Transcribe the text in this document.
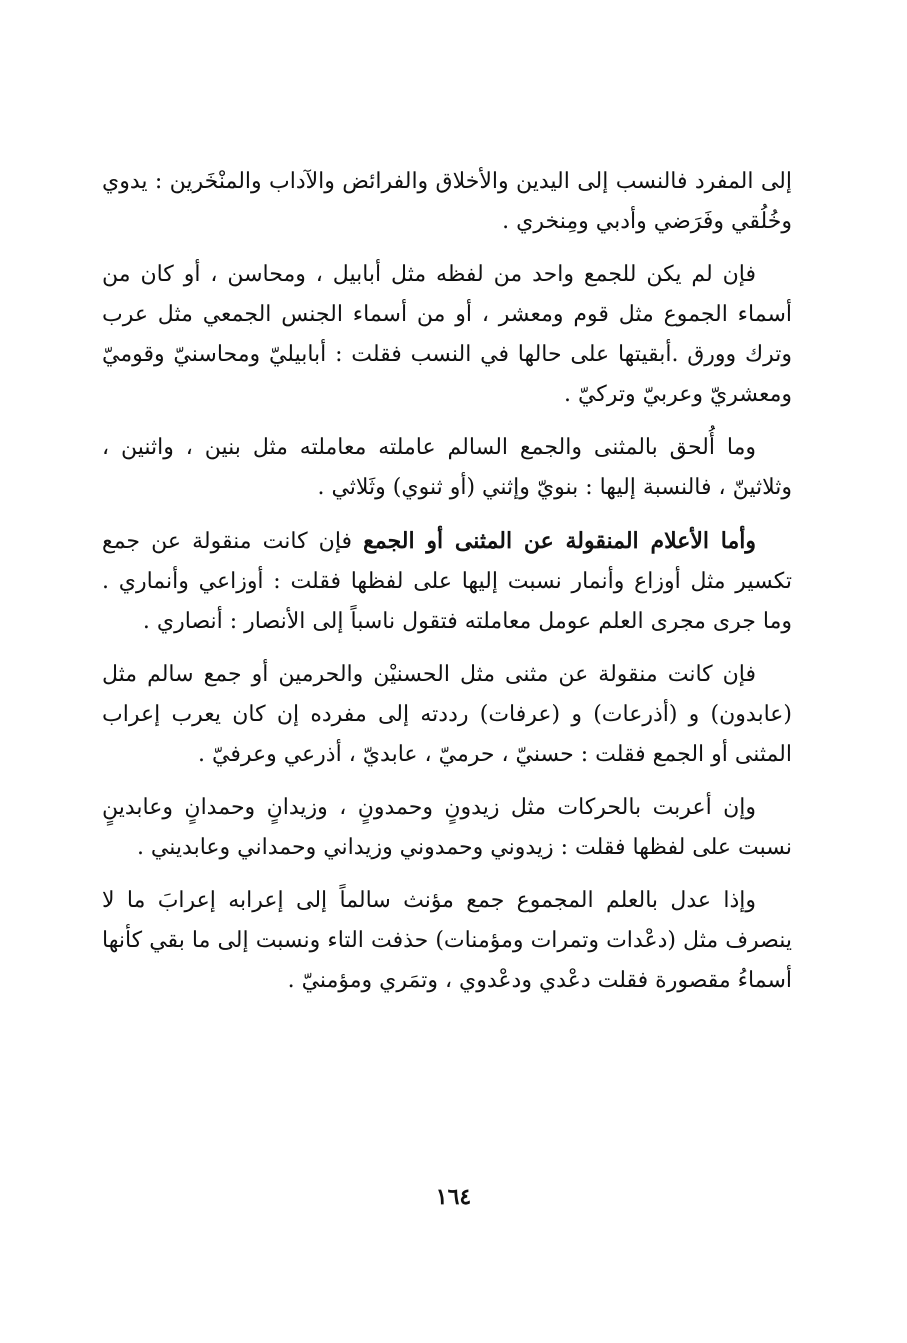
إلى المفرد فالنسب إلى اليدين والأخلاق والفرائض والآداب والمنْخَرين : يدوي وخُلُقي وفَرَضي وأدبي ومِنخري .

فإن لم يكن للجمع واحد من لفظه مثل أبابيل ، ومحاسن ، أو كان من أسماء الجموع مثل قوم ومعشر ، أو من أسماء الجنس الجمعي مثل عرب وترك وورق .أبقيتها على حالها في النسب فقلت : أبابيليّ ومحاسنيّ وقوميّ ومعشريّ وعربيّ وتركيّ .

وما أُلحق بالمثنى والجمع السالم عاملته معاملته مثل بنين ، واثنين ، وثلاثينّ ، فالنسبة إليها : بنويّ وإثني (أو ثنوي) وثَلاثي .

وأما الأعلام المنقولة عن المثنى أو الجمع فإن كانت منقولة عن جمع تكسير مثل أوزاع وأنمار نسبت إليها على لفظها فقلت : أوزاعي وأنماري . وما جرى مجرى العلم عومل معاملته فتقول ناسباً إلى الأنصار : أنصاري .

فإن كانت منقولة عن مثنى مثل الحسنيْن والحرمين أو جمع سالم مثل (عابدون) و (أذرعات) و (عرفات) رددته إلى مفرده إن كان يعرب إعراب المثنى أو الجمع فقلت : حسنيّ ، حرميّ ، عابديّ ، أذرعي وعرفيّ .

وإن أعربت بالحركات مثل زيدونٍ وحمدونٍ ، وزيدانٍ وحمدانٍ وعابدينٍ نسبت على لفظها فقلت : زيدوني وحمدوني وزيداني وحمداني وعابديني .

وإذا عدل بالعلم المجموع جمع مؤنث سالماً إلى إعرابه إعرابَ ما لا ينصرف مثل (دعْدات وتمرات ومؤمنات) حذفت التاء ونسبت إلى ما بقي كأنها أسماءُ مقصورة فقلت دعْدي ودعْدوي ، وتمَري ومؤمنيّ .

١٦٤
